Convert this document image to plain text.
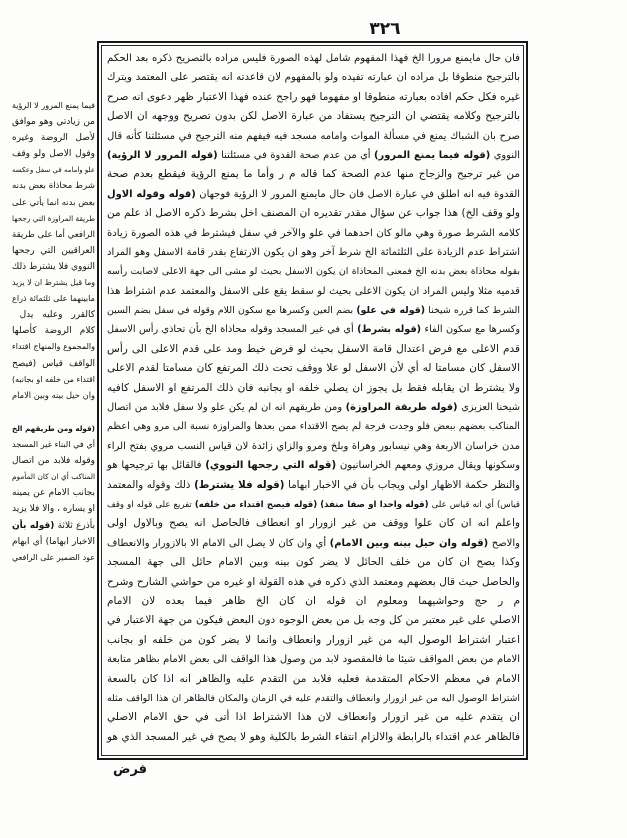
٣٢٦
فان حال مايمنع مرورا الخ فهذا المفهوم شامل لهذه الصورة فليس مراده بالتصريح ذكره بعد الحكم
بالترجيح منطوقا بل مراده ان عبارته تفيده ولو بالمفهوم لان قاعدته انه يقتصر على المعتمد ويترك
غيره فكل حكم افاده بعبارته منطوقا او مفهوما فهو راجح عنده فهذا الاعتبار ظهر دعوى انه صرح
بالترجيح وكلامه يقتضي ان الترجيح يستفاد من عبارة الاصل لكن بدون تصريح ووجهه ان الاصل
صرح بان الشباك يمنع في مسألة الموات وامامه مسجد فيه فيفهم منه الترجيح في مسئلتنا كأنه قال
النووي (قوله فيما يمنع المرور) أي من عدم صحة القدوة في مسئلتنا (قوله المرور لا الرؤية)
من غير ترجيح والزجاج منها عدم الصحة كما قاله م ر وأما ما يمنع الرؤية فيقطع بعدم صحة
القدوة فيه انه اطلق في عبارة الاصل فان حال مايمنع المرور لا الرؤية فوجهان (قوله وقوله الاول
ولو وقف الخ) هذا جواب عن سؤال مقدر تقديره ان المصنف اخل بشرط ذكره الاصل اذ علم من
كلامه الشرط صورة وهي مالو كان احدهما في علو والآخر في سفل فيشترط في هذه الصورة زيادة
اشتراط عدم الزيادة على الثلثمائة الخ شرط آخر وهو ان يكون الارتفاع بقدر قامة الاسفل وهو المراد
بقوله محاذاة بعض بدنه الخ فمعنى المحاذاة ان يكون الاسفل بحيث لو مشى الى جهة الاعلى لاصابت رأسه
قدميه مثلا وليس المراد ان يكون الاعلى بحيث لو سقط يقع على الاسفل والمعتمد عدم اشتراط هذا
الشرط كما قرره شيخنا (قوله في علو) بضم العين وكسرها مع سكون اللام وقوله في سفل بضم السين
وكسرها مع سكون الفاء (قوله بشرط) أي في غير المسجد وقوله محاذاة الخ بأن تحاذي رأس الاسفل
قدم الاعلى مع فرض اعتدال قامة الاسفل بحيث لو فرض خيط ومد على قدم الاعلى الى رأس
الاسفل كان مسامتا له أي لأن الاسفل لو علا ووقف تحت ذلك المرتفع كان مسامتا لقدم الاعلى
ولا يشترط ان يقابله فقط بل يجوز ان يصلي خلفه او بجانبه فان ذلك المرتفع او الاسفل كافيه
شيخنا العزيزي (قوله طريقة المراوزة) ومن طريقهم انه ان لم يكن علو ولا سفل فلابد من اتصال
المناكب بعضهم ببعض فلو وجدت فرجة لم يصح الاقتداء ممن بعدها والمراوزة نسبة الى مرو وهي اعظم
مدن خراسان الاربعة وهي نيسابور وهراة وبلخ ومرو والزاي زائدة لان قياس النسب مروي بفتح الراء
وسكونها ويقال مروزي ومعهم الخراسانيون (قوله التي رجحها النووي) فالقائل بها ترجيحها هو
والنظر حكمة الاظهار اولى ويجاب بأن في الاخبار ابهاما (قوله فلا يشترط) ذلك وقوله والمعتمد
قياس) أي انه قياس على (قوله واحدا او صفا منفذ) (قوله فيصح اقتداء من خلفه) تفريع على قوله او وقف
واعلم انه ان كان علوا ووقف من غير ازورار او انعطاف فالحاصل انه يصح وبالاول اولى
والاصح (قوله وان حيل بينه وبين الامام) أي وان كان لا يصل الى الامام الا بالازورار والانعطاف
وكذا يصح ان كان من خلف الحائل لا يضر كون بينه وبين الامام حائل الى جهة المسجد
والحاصل حيث قال بعضهم ومعتمد الذي ذكره في هذه القولة او غيره من حواشي الشارح وشرح
م ر حج وحواشيهما ومعلوم ان قوله ان كان الخ ظاهر فيما بعده لان الامام
الاصلي على غير معتبر من كل وجه بل من بعض الوجوه دون البعض فيكون من جهة الاعتبار في
اعتبار اشتراط الوصول اليه من غير ازورار وانعطاف وانما لا يضر كون من خلفه او بجانب
الامام من بعض المواقف شيئا ما فالمقصود لابد من وصول هذا الواقف الى بعض الامام بظاهر متابعة
الامام في معظم الاحكام المتقدمة فعليه فلابد من التقدم عليه والظاهر انه اذا كان بالسعة
اشتراط الوصول اليه من غير ازورار وانعطاف والتقدم عليه في الزمان والمكان فالظاهر ان هذا الواقف مثله
ان يتقدم عليه من غير ازورار وانعطاف لان هذا الاشتراط اذا أتى في حق الامام الاصلي
فالظاهر عدم اقتداء بالرابطة والالزام انتفاء الشرط بالكلية وهو لا يصح في غير المسجد الذي هو
فيما يمنع المرور لا الرؤية
من زيادتي وهو موافق
لأصل الروضة وغيره
وقول الاصل ولو وقف
علو وامامه في سفل وعكسه
شرط محاذاة بعض بدنه
بعض بدنه انما يأتي على
طريقة المراوزة التي رجحها
الرافعي أما على طريقة
العراقيين التي رجحها
النووي فلا يشترط ذلك
وما قيل يشترط ان لا يزيد
مابينهما على ثلثمائة ذراع
كالقرر وعليه يدل
كلام الروضة كأصلها
والمجموع والمنهاج اقتداء
الواقف قياس (فيصح
اقتداء من خلفه او بجانبه)
وان حيل بينه وبين الامام
(قوله ومن طريقهم الخ
أي في البناء غير المسجد
وقوله فلابد من اتصال
المناكب أي ان كان المأموم
بجانب الامام عن يمينه
او يساره ، والا فلا يزيد
بأذرع ثلاثة (قوله بأن
الاخبار ابهاما) أي ابهام
عود الضمير على الرافعي
فرض
